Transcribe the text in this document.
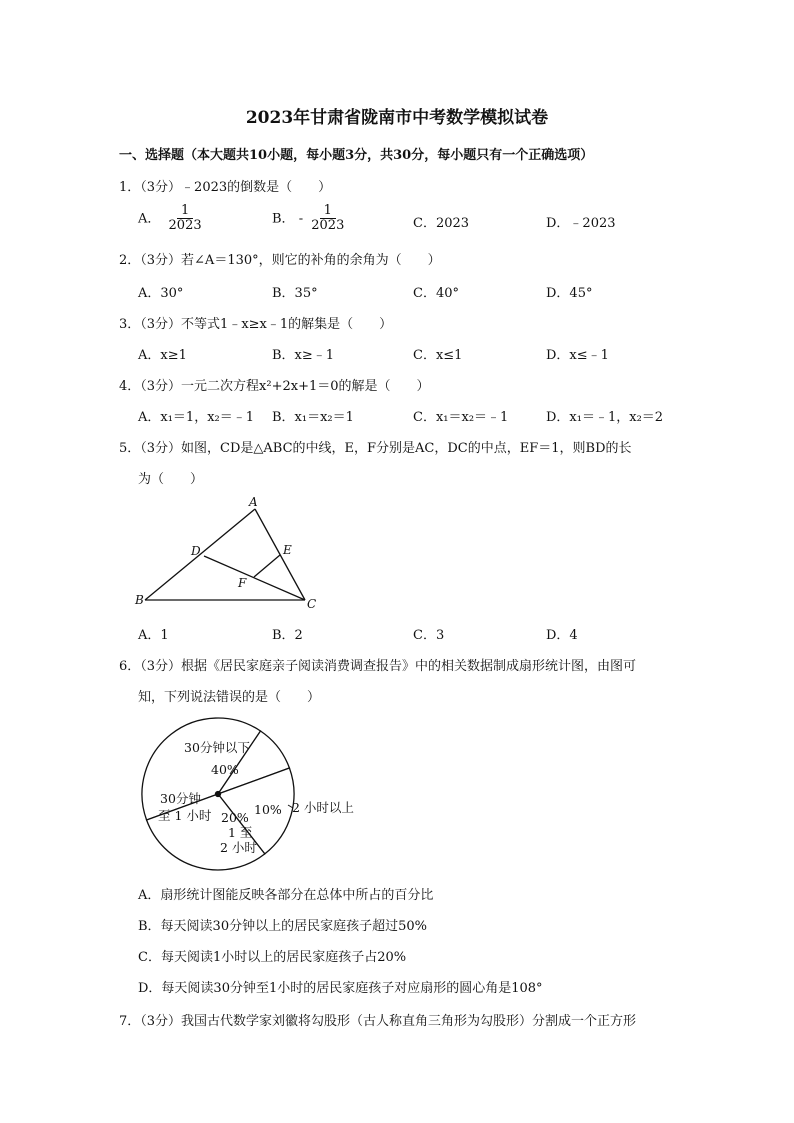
2023年甘肃省陇南市中考数学模拟试卷
一、选择题（本大题共10小题，每小题3分，共30分，每小题只有一个正确选项）
1．（3分）﹣2023的倒数是（　　）
A． $\frac{1}{2023}$	B． - $\frac{1}{2023}$	C．2023	D．﹣2023
2．（3分）若∠A＝130°，则它的补角的余角为（　　）
A．30°	B．35°	C．40°	D．45°
3．（3分）不等式1﹣x≥x﹣1的解集是（　　）
A．x≥1	B．x≥﹣1	C．x≤1	D．x≤﹣1
4．（3分）一元二次方程x²+2x+1＝0的解是（　　）
A．x₁＝1，x₂＝﹣1 B．x₁＝x₂＝1	C．x₁＝x₂＝﹣1	D．x₁＝﹣1，x₂＝2
5．（3分）如图，CD是△ABC的中线，E，F分别是AC，DC的中点，EF＝1，则BD的长
为（　　）
A
B	C
D	E
F
A．1	B．2	C．3	D．4
6．（3分）根据《居民家庭亲子阅读消费调查报告》中的相关数据制成扇形统计图，由图可
知，下列说法错误的是（　　）
30分钟以下
40%
30分钟
至 1 小时 20%
1 至
2 小时
10% 2 小时以上
A．扇形统计图能反映各部分在总体中所占的百分比
B．每天阅读30分钟以上的居民家庭孩子超过50%
C．每天阅读1小时以上的居民家庭孩子占20%
D．每天阅读30分钟至1小时的居民家庭孩子对应扇形的圆心角是108°
7．（3分）我国古代数学家刘徽将勾股形（古人称直角三角形为勾股形）分割成一个正方形
